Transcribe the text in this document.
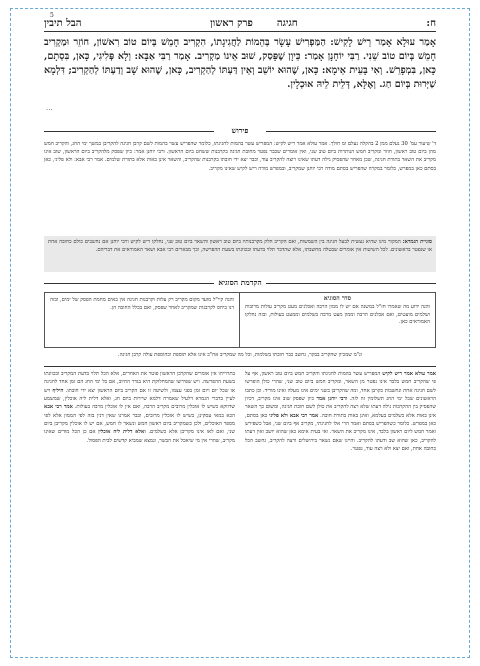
5
ח:
חגיגה
פרק ראשון
הבל תיבין
אָמַר עוּלָא אָמַר רֵישׁ לָקִישׁ: הַמַּפְרִישׁ עָשָׂר בְּהֵמוֹת לַחֲגִיגָתוֹ, הִקְרִיב חָמֵשׁ בְּיוֹם טוֹב רִאשׁוֹן, חוֹזֵר וּמַקְרִיב חָמֵשׁ בְּיוֹם טוֹב שֵׁנִי. רַבִּי יוֹחָנָן אָמַר: כֵּיוָן שֶׁפָּסַק, שׁוּב אֵינוֹ מַקְרִיב. אָמַר רַבִּי אַבָּא: וְלָא פְּלִיגִי, כָּאן, בִּסְתָם, כָּאן, בִּמְפָרֵשׁ. וְאִי בָּעֵית אֵימָא: כָּאן, שֶׁהוּא יוֹשֵׁב וְאֵין דַּעְתּוֹ לְהַקְרִיב, כָּאן, שֶׁהוּא שָׁב וְדַעְתּוֹ לְהַקְרִיב; דִּלְמָא שַׁיְּרוּת בְּיוֹם חַג. וְאֶלָּא, דְּלֵית לֵיהּ אוּכְלָין.
...
פירוש
ד' שיעור עמ' 30 נעלם ממן 2 בהקלה נעלם ומ חולך. אמר עולא אמר ריש לקיש: המפריש עשר בהמות לחגיגתו, כלומר שהפריש עשר בהמות לשם קרבן חגיגה להקריבן במשך ימי החג, והקריב חמש מהן ביום טוב ראשון, חוזר ומקריב חמש הנותרות ביום טוב שני, ואין אומרים שכבר נפטר מחובת חגיגה בקרבנות ששחט ביום הראשון. ורבי יוחנן אמר: כיון שפסק מלהקריב ביום הראשון, שוב אינו מקריב את השאר בתורת חגיגה, שכן מאחר שהפסיק גילה דעתו שאינו רוצה להקריב עוד, וכבר יצא ידי חובתו בקרבנות שהקריב, והשאר אינן באות אלא בתורת שלמים. אמר רבי אבא: ולא פליגי, כאן בסתם כאן במפרש, כלומר במקרה שהפריש בסתם מודה רבי יוחנן שמקריב, ובמפרש מודה ריש לקיש שאינו מקריב.
סוגיית הגמרא: המקור מינו שהיא נעשית לבעל חגיגה בין השמשות, ואם הקריב חלק מקרבנותיו ביום טוב ראשון והשאר ביום טוב שני, נחלקו ריש לקיש ורבי יוחנן אם נחשבים כולם כחובה אחת או שנפטר בראשונים. לכל השיטות אין אומרים שבטלה מחשבתו, אלא שהדבר תלוי בדעתו ובכוונתו בשעת ההפרשה, וכך מבארים רבי אבא ושאר האמוראים את דבריהם.
הקדמת הסוגיא
סדר הסוגיא
והנה ידוע מה שאמרו חז"ל במשנה אם יש לו ממון הרבה ואכלנים מעט מקריב עולות מרובות ושלמים מועטים, ואם אכלנים הרבה וממון מעט מרבה בשלמים וממעט בעולות, ובזה נחלקו האמוראים כאן.
והנה קיי"ל מועד מקום מקריב רק עלות וקרבנות חגיגה אין באים מחמת הפסק של ימים, ובזה דנו ביחס לקרבנות שמקריב לאחר שפסק, ואם בכלל החובה הן.
ונ"מ שמכיון שהקריב בבקר, נחשב כבר חובתו בשלמות, וכל מה שמקריב אח"כ אינו אלא תוספת וכהוספת עולה קרבן חגיגה.
אמר עולא אמר ריש לקיש המפריש עשר בהמות לחגיגתו והקריב חמש ביום טוב ראשון, אף על פי שהקריב חמש בלבד אינו נפטר מן השאר, ומקריב חמש ביום טוב שני, שהרי כולן הופרשו לשם חגיגה אחת ונחשבות כקרבן אחד, ומה שהקריבן בשני ימים אינו מעלה ואינו מוריד. וכן כתבו הראשונים שכל ימי החג תשלומין זה לזה. ורבי יוחנן אמר כיון שפסק שוב אינו מקריב, דכיון שהפסיק בין ההקרבות גילה דעתו שלא רצה להקריב את כולן לשם חובת חגיגה, ומשום כך השאר אינן באות אלא כשלמים בעלמא, ואינן באות בתורת חובה. אמר רבי אבא ולא פליגי כאן בסתם, כאן במפרש. כלומר כשהפריש בסתם ואמר הרי אלו לחגיגתי, מקריב אף ביום שני, אבל כשפירש ואמר חמש ליום ראשון בלבד, אינו מקריב את השאר. ואי בעית אימא כאן שהוא יושב ואין דעתו להקריב, כאן שהוא שב ודעתו להקריב. והיינו שאם נשאר בירושלים ורצה להקריב, נחשב הכל כחובה אחת, ואם יצא ולא רצה עוד, נפטר.
בתרוייהו אין אומרים שהקרבן הראשון פוטר את האחרים, אלא הכל תלוי בדעת המקריב ובכוונתו בשעת ההפרשה. ויש שפירשו שהמחלוקת היא בגדר החיוב, אם כל ימי החג הם זמן אחד לחגיגה או שכל יום ויום זמן בפני עצמו, ולשיטה זו אם הקריב ביום הראשון יצא ידי חובתו. חיליף ויש לעיין בדברי הגמרא דלעיל שאמרה דלמא שיירות ביום חג, ואלא דלית ליה אוכלין, שמשמע שדווקא כשיש לו אוכלין מרובים מקריב הרבה, ואם אין לו אוכלין מרבה בעולות. אמר רבי אבא הכא במאי עסקינן, בשיש לו אוכלין מרובים, וכבר אמרנו שאין דנין בזה לפי הממון אלא לפי מספר האוכלים, ולכן כשמקריב ביום ראשון חמש ונשאר לו חמש, אם יש לו אוכלין מקריבן ביום שני, ואם לאו אינו מקריבן אלא כשלמים. ואלא דלית ליה אוכלין אם כן הכל מודים שאינו מקריב, שהרי אין מי שיאכל את הבשר, ונמצא שמביא קדשים לבית הפסול.
